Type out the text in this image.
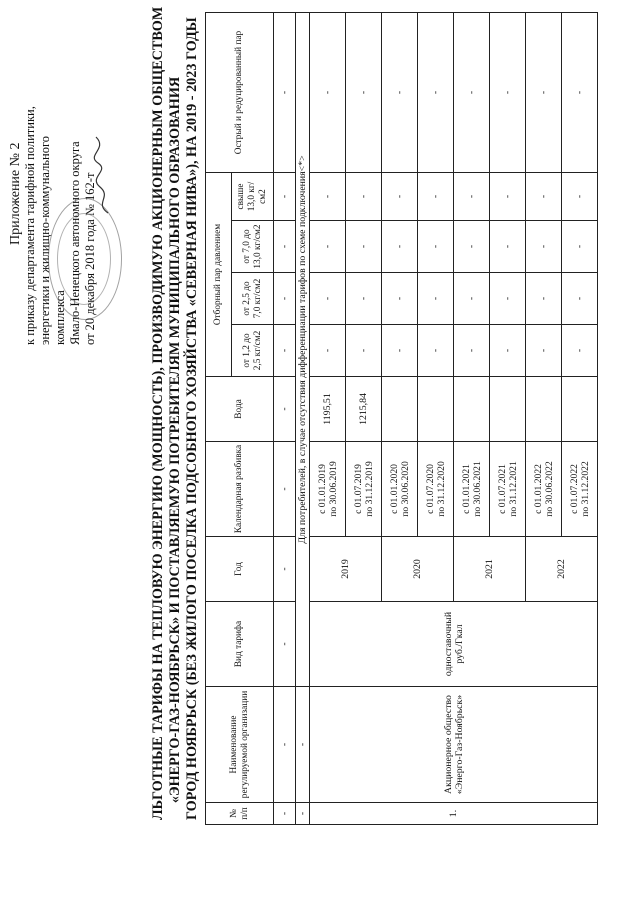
Приложение № 2 к приказу департамента тарифной политики, энергетики и жилищно-коммунального комплекса Ямало-Ненецкого автономного округа от 20 декабря 2018 года № 162-т	ЛЬГОТНЫЕ ТАРИФЫ НА ТЕПЛОВУЮ ЭНЕРГИЮ (МОЩНОСТЬ), ПРОИЗВОДИМУЮ АКЦИОНЕРНЫМ ОБЩЕСТВОМ «ЭНЕРГО-ГАЗ-НОЯБРЬСК» И ПОСТАВЛЯЕМУЮ ПОТРЕБИТЕЛЯМ МУНИЦИПАЛЬНОГО ОБРАЗОВАНИЯ ГОРОД НОЯБРЬСК (БЕЗ ЖИЛОГО ПОСЕЛКА ПОДСОБНОГО ХОЗЯЙСТВА «СЕВЕРНАЯ НИВА»), НА 2019 - 2023 ГОДЫ	№ п/п	Наименование регулируемой организации	Вид тарифа	Год	Календарная разбивка	Вода	Отборный пар давлением				Острый и редуцированный пар
						от 1,2 до 2,5 кг/см2	от 2,5 до 7,0 кг/см2	от 7,0 до 13,0 кг/см2	свыше 13,0 кг/см2	
-	-	-	-	-	-	-	-	-	-	-
-	-	Для потребителей, в случае отсутствия дифференциации тарифов по схеме подключения<*>								
1.	Акционерное общество «Энерго-Газ-Ноябрьск»	одноставочный руб./Гкал	2019	с 01.01.2019 по 30.06.2019	1195,51	-	-	-	-	-

				с 01.07.2019 по 31.12.2019	1215,84	-	-	-	-	-
			2020	с 01.01.2020 по 30.06.2020		-	-	-	-	-

				с 01.07.2020 по 31.12.2020		-	-	-	-	-
			2021	с 01.01.2021 по 30.06.2021		-	-	-	-	-

				с 01.07.2021 по 31.12.2021		-	-	-	-	-
			2022	с 01.01.2022 по 30.06.2022		-	-	-	-	-

				с 01.07.2022 по 31.12.2022		-	-	-	-	-
